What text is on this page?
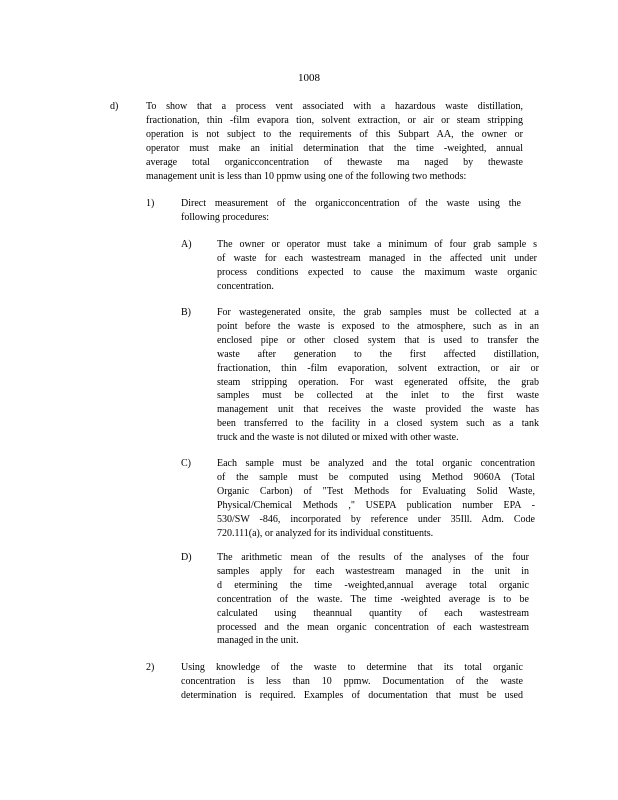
1008
d)	To show that a process vent associated with a hazardous waste distillation,
fractionation, thin -film evapora tion, solvent extraction, or air or steam stripping
operation is not subject to the requirements of this Subpart AA, the owner or
operator must make an initial determination that the time -weighted, annual
average total organicconcentration of thewaste ma naged by thewaste
management unit is less than 10 ppmw using one of the following two methods:
1)	Direct measurement of the organicconcentration of the waste using the
following procedures:
A)	The owner or operator must take a minimum of four grab sample s
of waste for each wastestream managed in the affected unit under
process conditions expected to cause the maximum waste organic
concentration.
B)	For wastegenerated onsite, the grab samples must be collected at a
point before the waste is exposed to the atmosphere, such as in an
enclosed pipe or other closed system that is used to transfer the
waste after generation to the first affected distillation,
fractionation, thin -film evaporation, solvent extraction, or air or
steam stripping operation. For wast egenerated offsite, the grab
samples must be collected at the inlet to the first waste
management unit that receives the waste provided the waste has
been transferred to the facility in a closed system such as a tank
truck and the waste is not diluted or mixed with other waste.
C)	Each sample must be analyzed and the total organic concentration
of the sample must be computed using Method 9060A (Total
Organic Carbon) of "Test Methods for Evaluating Solid Waste,
Physical/Chemical Methods ," USEPA publication number EPA -
530/SW -846, incorporated by reference under 35Ill. Adm. Code
720.111(a), or analyzed for its individual constituents.
D)	The arithmetic mean of the results of the analyses of the four
samples apply for each wastestream managed in the unit in
d etermining the time -weighted,annual average total organic
concentration of the waste. The time -weighted average is to be
calculated using theannual quantity of each wastestream
processed and the mean organic concentration of each wastestream
managed in the unit.
2)	Using knowledge of the waste to determine that its total organic
concentration is less than 10 ppmw. Documentation of the waste
determination is required. Examples of documentation that must be used
